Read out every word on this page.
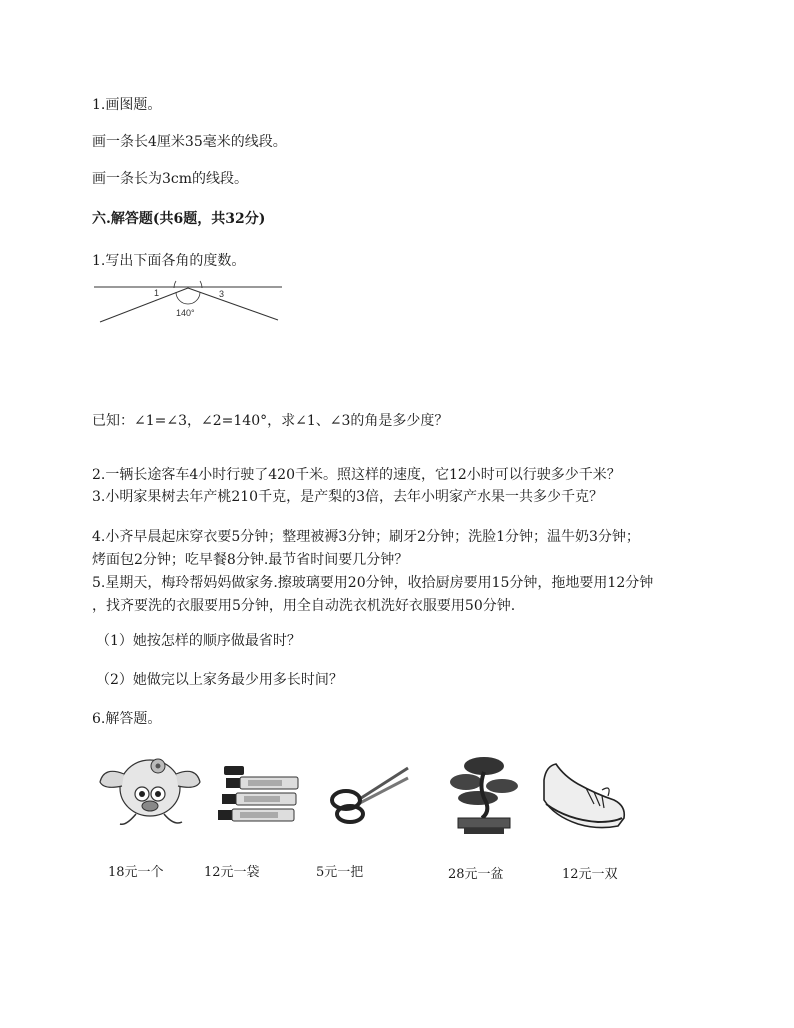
1.画图题。
画一条长4厘米35毫米的线段。
画一条长为3cm的线段。
六.解答题(共6题，共32分)
1.写出下面各角的度数。
1	3
140°
已知：∠1=∠3，∠2=140°，求∠1、∠3的角是多少度？
2.一辆长途客车4小时行驶了420千米。照这样的速度，它12小时可以行驶多少千米？
3.小明家果树去年产桃210千克，是产梨的3倍，去年小明家产水果一共多少千克？
4.小齐早晨起床穿衣要5分钟；整理被褥3分钟；刷牙2分钟；洗脸1分钟；温牛奶3分钟；
烤面包2分钟；吃早餐8分钟.最节省时间要几分钟？
5.星期天，梅玲帮妈妈做家务.擦玻璃要用20分钟，收拾厨房要用15分钟，拖地要用12分钟
，找齐要洗的衣服要用5分钟，用全自动洗衣机洗好衣服要用50分钟.
（1）她按怎样的顺序做最省时？
（2）她做完以上家务最少用多长时间？
6.解答题。
18元一个	12元一袋	5元一把	28元一盆	12元一双
